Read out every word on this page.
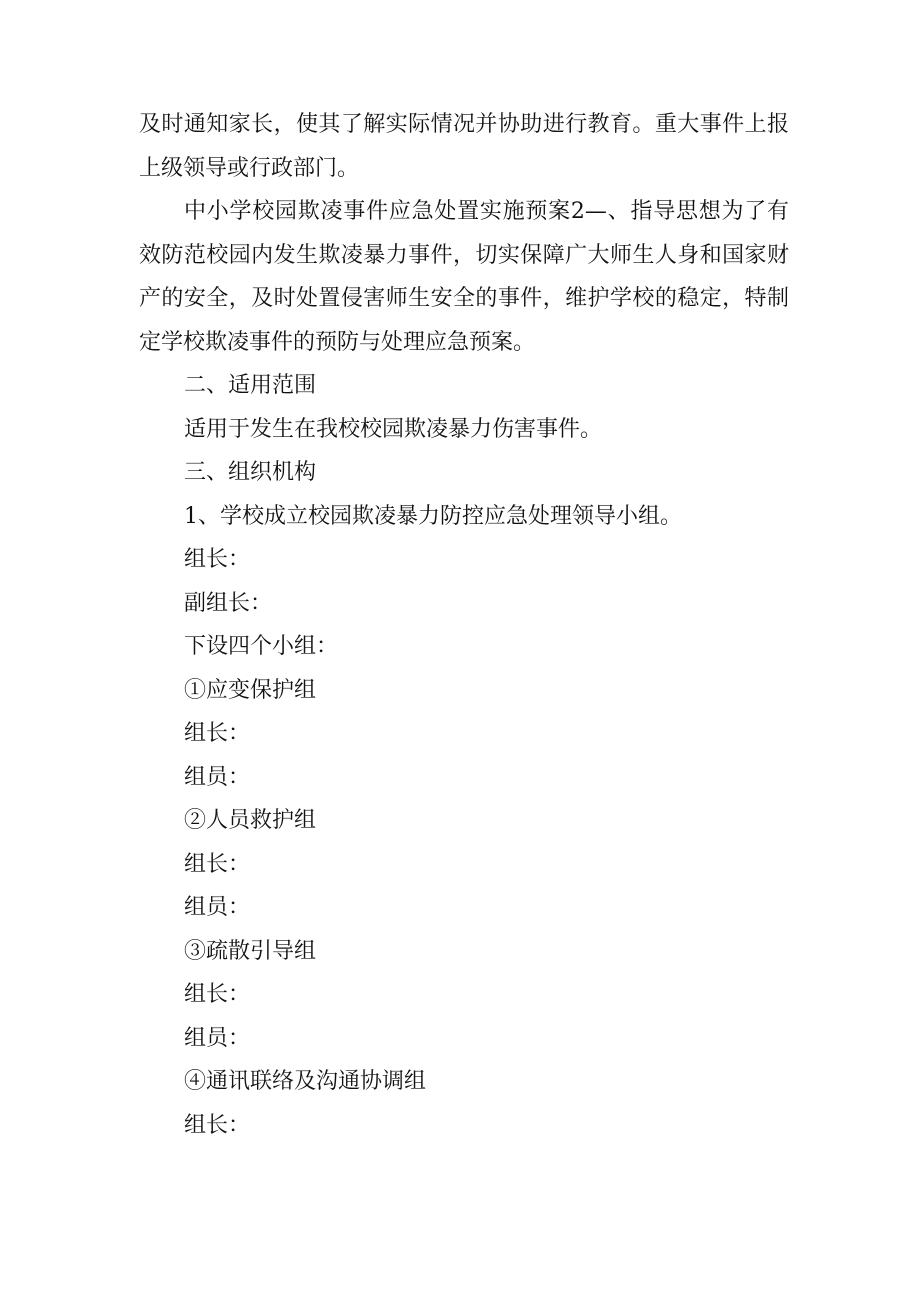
及时通知家长，使其了解实际情况并协助进行教育。重大事件上报上级领导或行政部门。

中小学校园欺凌事件应急处置实施预案2—、指导思想为了有效防范校园内发生欺凌暴力事件，切实保障广大师生人身和国家财产的安全，及时处置侵害师生安全的事件，维护学校的稳定，特制定学校欺凌事件的预防与处理应急预案。

二、适用范围

适用于发生在我校校园欺凌暴力伤害事件。

三、组织机构

1、学校成立校园欺凌暴力防控应急处理领导小组。

组长：

副组长：

下设四个小组：

①应变保护组

组长：

组员：

②人员救护组

组长：

组员：

③疏散引导组

组长：

组员：

④通讯联络及沟通协调组

组长：
